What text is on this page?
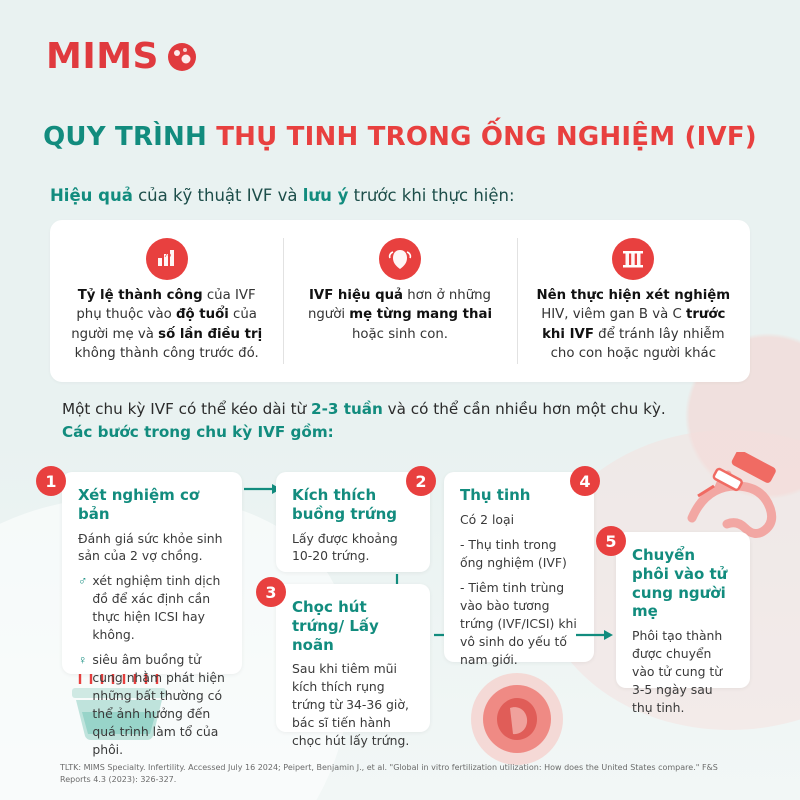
MIMS
QUY TRÌNH THỤ TINH TRONG ỐNG NGHIỆM (IVF)
Hiệu quả của kỹ thuật IVF và lưu ý trước khi thực hiện:
%
Tỷ lệ thành công của IVF phụ thuộc vào độ tuổi của người mẹ và số lần điều trị không thành công trước đó.
IVF hiệu quả hơn ở những người mẹ từng mang thai hoặc sinh con.
Nên thực hiện xét nghiệm HIV, viêm gan B và C trước khi IVF để tránh lây nhiễm cho con hoặc người khác
Một chu kỳ IVF có thể kéo dài từ 2-3 tuần và có thể cần nhiều hơn một chu kỳ.
Các bước trong chu kỳ IVF gồm:
1
Xét nghiệm cơ bản

Đánh giá sức khỏe sinh sản của 2 vợ chồng.

♂ xét nghiệm tinh dịch đồ để xác định cần thực hiện ICSI hay không.

♀ siêu âm buồng tử cung nhằm phát hiện những bất thường có thể ảnh hưởng đến quá trình làm tổ của phôi.

2
Kích thích buồng trứng

Lấy được khoảng 10-20 trứng.

3
Chọc hút trứng/ Lấy noãn

Sau khi tiêm mũi kích thích rụng trứng từ 34-36 giờ, bác sĩ tiến hành chọc hút lấy trứng.

4
Thụ tinh

Có 2 loại

- Thụ tinh trong ống nghiệm (IVF)

- Tiêm tinh trùng vào bào tương trứng (IVF/ICSI) khi vô sinh do yếu tố nam giới.

5
Chuyển phôi vào tử cung người mẹ

Phôi tạo thành được chuyển vào tử cung từ 3-5 ngày sau thụ tinh.

TLTK: MIMS Specialty. Infertility. Accessed July 16 2024; Peipert, Benjamin J., et al. "Global in vitro fertilization utilization: How does the United States compare." F&S Reports 4.3 (2023): 326-327.
